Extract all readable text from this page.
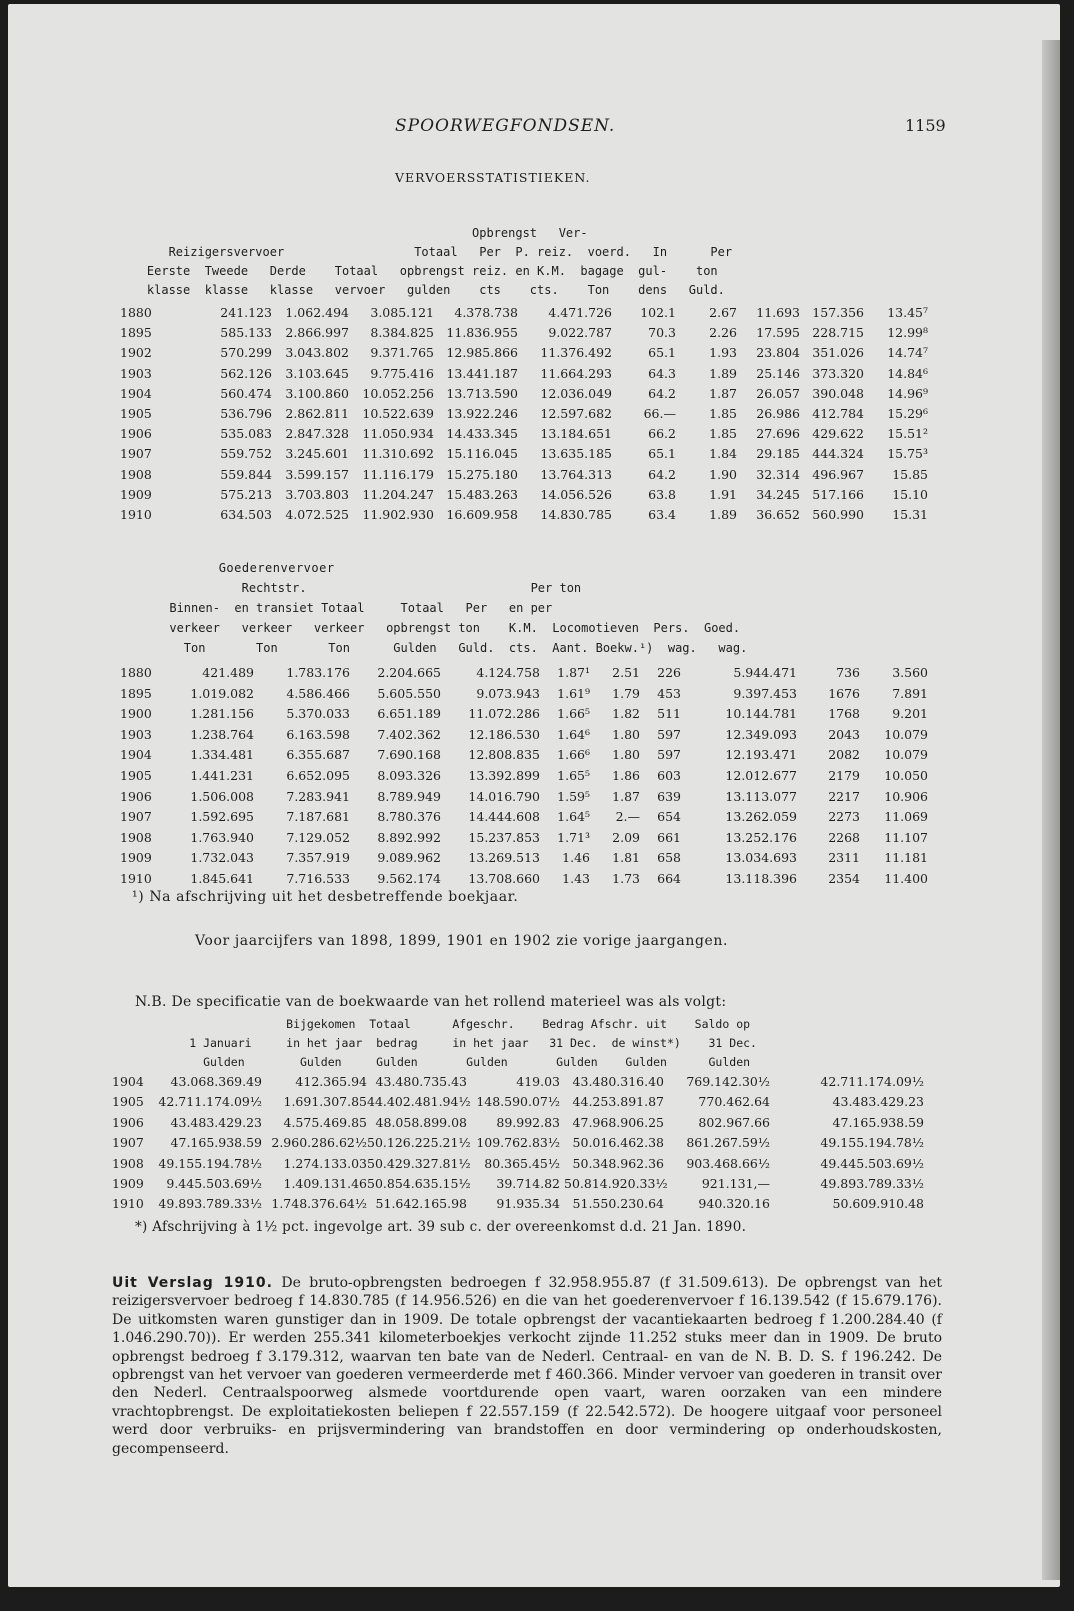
SPOORWEGFONDSEN.	1159
VERVOERSSTATISTIEKEN.
Opbrengst   Ver-
Reizigersvervoer                  Totaal   Per  P. reiz.  voerd.   In      Per
Eerste  Tweede   Derde    Totaal   opbrengst reiz. en K.M.  bagage  gul-    ton
klasse  klasse   klasse   vervoer   gulden    cts    cts.    Ton    dens   Guld.
1880	241.123	1.062.494	3.085.121	4.378.738	4.471.726	102.1	2.67	11.693 157.356	13.45⁷
1895	585.133	2.866.997	8.384.825 11.836.955	9.022.787	70.3	2.26	17.595 228.715	12.99⁸
1902	570.299	3.043.802	9.371.765 12.985.866	11.376.492	65.1	1.93	23.804 351.026	14.74⁷
1903	562.126	3.103.645	9.775.416 13.441.187	11.664.293	64.3	1.89	25.146 373.320	14.84⁶
1904	560.474	3.100.860	10.052.256 13.713.590	12.036.049	64.2	1.87	26.057 390.048	14.96⁹
1905	536.796	2.862.811	10.522.639 13.922.246	12.597.682	66.—	1.85	26.986 412.784	15.29⁶
1906	535.083	2.847.328	11.050.934 14.433.345	13.184.651	66.2	1.85	27.696 429.622	15.51²
1907	559.752	3.245.601	11.310.692 15.116.045	13.635.185	65.1	1.84	29.185 444.324	15.75³
1908	559.844	3.599.157	11.116.179 15.275.180	13.764.313	64.2	1.90	32.314 496.967	15.85
1909	575.213	3.703.803	11.204.247 15.483.263	14.056.526	63.8	1.91	34.245 517.166	15.10
1910	634.503	4.072.525	11.902.930 16.609.958	14.830.785	63.4	1.89	36.652 560.990	15.31
Goederenvervoer
Rechtstr.                               Per ton
Binnen-  en transiet Totaal     Totaal   Per   en per
verkeer   verkeer   verkeer   opbrengst ton    K.M.  Locomotieven  Pers.  Goed.
Ton       Ton       Ton      Gulden   Guld.  cts.  Aant. Boekw.¹)  wag.   wag.
1880	421.489	1.783.176	2.204.665	4.124.758	1.87¹	2.51	226	5.944.471	736	3.560
1895	1.019.082	4.586.466	5.605.550	9.073.943	1.61⁹	1.79	453	9.397.453	1676	7.891
1900	1.281.156	5.370.033	6.651.189	11.072.286	1.66⁵	1.82	511	10.144.781	1768	9.201
1903	1.238.764	6.163.598	7.402.362	12.186.530	1.64⁶	1.80	597	12.349.093	2043	10.079
1904	1.334.481	6.355.687	7.690.168	12.808.835	1.66⁶	1.80	597	12.193.471	2082	10.079
1905	1.441.231	6.652.095	8.093.326	13.392.899	1.65⁵	1.86	603	12.012.677	2179	10.050
1906	1.506.008	7.283.941	8.789.949	14.016.790	1.59⁵	1.87	639	13.113.077	2217	10.906
1907	1.592.695	7.187.681	8.780.376	14.444.608	1.64⁵	2.—	654	13.262.059	2273	11.069
1908	1.763.940	7.129.052	8.892.992	15.237.853	1.71³	2.09	661	13.252.176	2268	11.107
1909	1.732.043	7.357.919	9.089.962	13.269.513	1.46	1.81	658	13.034.693	2311	11.181
1910	1.845.641	7.716.533	9.562.174	13.708.660	1.43	1.73	664	13.118.396	2354	11.400
¹) Na afschrijving uit het desbetreffende boekjaar.
Voor jaarcijfers van 1898, 1899, 1901 en 1902 zie vorige jaargangen.
N.B. De specificatie van de boekwaarde van het rollend materieel was als volgt:
Bijgekomen  Totaal      Afgeschr.    Bedrag Afschr. uit    Saldo op
1 Januari     in het jaar  bedrag     in het jaar   31 Dec.  de winst*)    31 Dec.
Gulden        Gulden     Gulden       Gulden       Gulden    Gulden      Gulden
1904	43.068.369.49	412.365.94 43.480.735.43	419.03	43.480.316.40	769.142.30½	42.711.174.09½
1905	42.711.174.09½	1.691.307.85 44.402.481.94½ 148.590.07½	44.253.891.87	770.462.64	43.483.429.23
1906	43.483.429.23	4.575.469.85 48.058.899.08	89.992.83	47.968.906.25	802.967.66	47.165.938.59
1907	47.165.938.59 2.960.286.62½ 50.126.225.21½ 109.762.83½	50.016.462.38	861.267.59½	49.155.194.78½
1908	49.155.194.78½	1.274.133.03 50.429.327.81½	80.365.45½	50.348.962.36	903.468.66½	49.445.503.69½
1909	9.445.503.69½	1.409.131.46 50.854.635.15½	39.714.82 50.814.920.33½	921.131,—	49.893.789.33½
1910	49.893.789.33½ 1.748.376.64½ 51.642.165.98	91.935.34	51.550.230.64	940.320.16	50.609.910.48
*) Afschrijving à 1½ pct. ingevolge art. 39 sub c. der overeenkomst d.d. 21 Jan. 1890.
Uit Verslag 1910. De bruto-opbrengsten bedroegen f 32.958.955.87 (f 31.509.613). De opbrengst van het reizigersvervoer bedroeg f 14.830.785 (f 14.956.526) en die van het goederenvervoer f 16.139.542 (f 15.679.176). De uitkomsten waren gunstiger dan in 1909. De totale opbrengst der vacantiekaarten bedroeg f 1.200.284.40 (f 1.046.290.70)). Er werden 255.341 kilometerboekjes verkocht zijnde 11.252 stuks meer dan in 1909. De bruto opbrengst bedroeg f 3.179.312, waarvan ten bate van de Nederl. Centraal- en van de N. B. D. S. f 196.242. De opbrengst van het vervoer van goederen vermeerderde met f 460.366. Minder vervoer van goederen in transit over den Nederl. Centraalspoorweg alsmede voortdurende open vaart, waren oorzaken van een mindere vrachtopbrengst. De exploitatiekosten beliepen f 22.557.159 (f 22.542.572). De hoogere uitgaaf voor personeel werd door verbruiks- en prijsvermindering van brandstoffen en door vermindering op onderhoudskosten, gecompenseerd.
